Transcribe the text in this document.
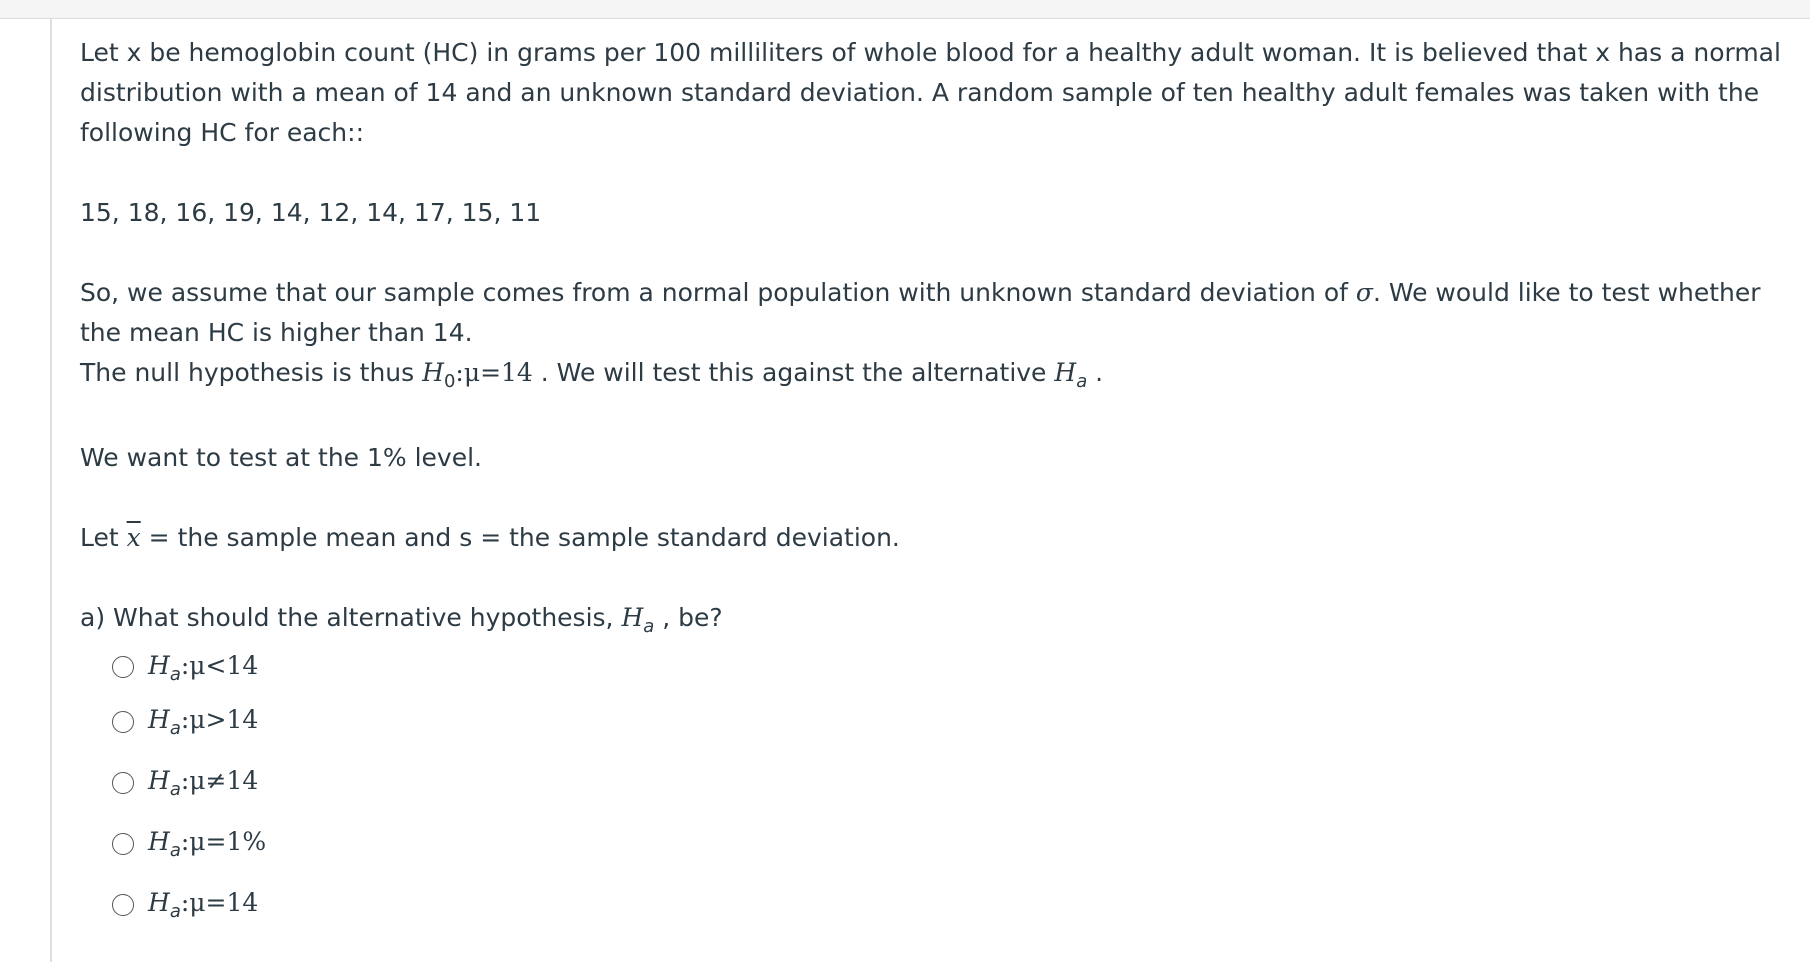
Let x be hemoglobin count (HC) in grams per 100 milliliters of whole blood for a healthy adult woman. It is believed that x has a normal distribution with a mean of 14 and an unknown standard deviation. A random sample of ten healthy adult females was taken with the following HC for each::

15, 18, 16, 19, 14, 12, 14, 17, 15, 11

So, we assume that our sample comes from a normal population with unknown standard deviation of σ. We would like to test whether the mean HC is higher than 14.

The null hypothesis is thus $H_0:\mu=14$ . We will test this against the alternative $H_a$ .

We want to test at the 1% level.

Let $\overline{x}$ = the sample mean and s = the sample standard deviation.

a) What should the alternative hypothesis, $H_a$ , be?

$H_a:\mu<14$
$H_a:\mu>14$
$H_a:\mu\ne 14$
$H_a:\mu=1\%$
$H_a:\mu=14$
